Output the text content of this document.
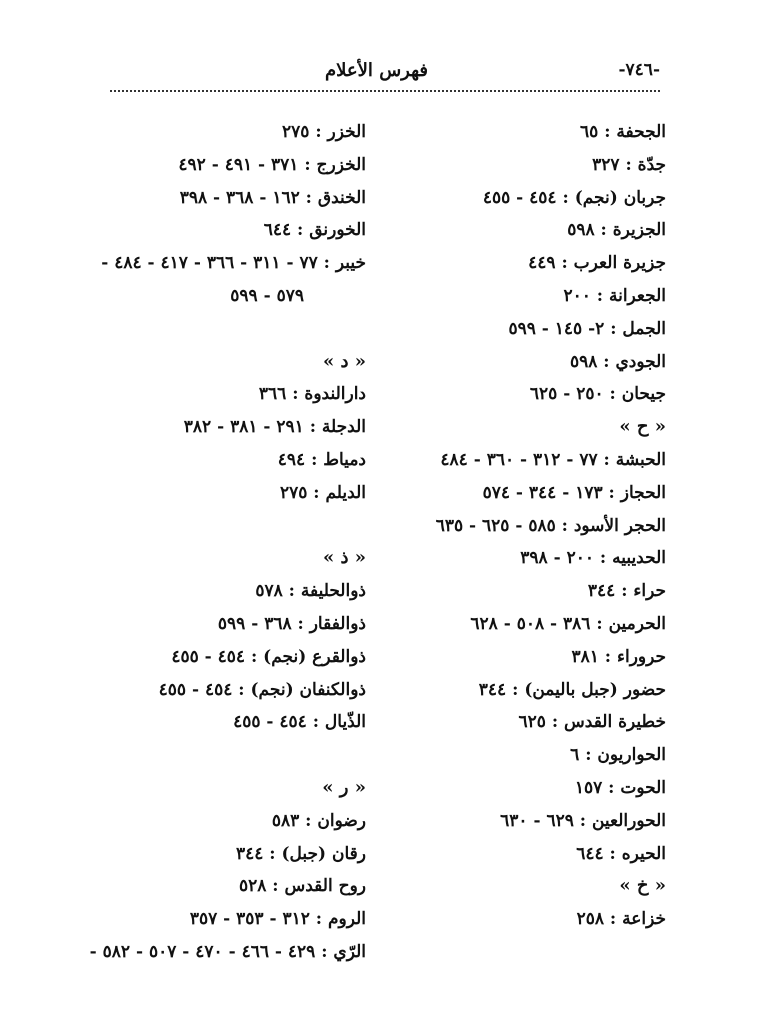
فهرس الأعلام	-٧٤٦-
الجحفة : ٦٥
جدّة : ٣٢٧
جربان (نجم) : ٤٥٤ - ٤٥٥
الجزيرة : ٥٩٨
جزيرة العرب : ٤٤٩
الجعرانة : ٢٠٠
الجمل : ٢- ١٤٥ - ٥٩٩
الجودي : ٥٩٨
جيحان : ٢٥٠ - ٦٢٥
« ح »
الحبشة : ٧٧ - ٣١٢ - ٣٦٠ - ٤٨٤
الحجاز : ١٧٣ - ٣٤٤ - ٥٧٤
الحجر الأسود : ٥٨٥ - ٦٢٥ - ٦٣٥
الحديبيه : ٢٠٠ - ٣٩٨
حراء : ٣٤٤
الحرمين : ٣٨٦ - ٥٠٨ - ٦٢٨
حروراء : ٣٨١
حضور (جبل باليمن) : ٣٤٤
خطيرة القدس : ٦٢٥
الحواريون : ٦
الحوت : ١٥٧
الحورالعين : ٦٢٩ - ٦٣٠
الحيره : ٦٤٤
« خ »
خزاعة : ٢٥٨
الخزر : ٢٧٥
الخزرج : ٣٧١ - ٤٩١ - ٤٩٢
الخندق : ١٦٢ - ٣٦٨ - ٣٩٨
الخورنق : ٦٤٤
خيبر : ٧٧ - ٣١١ - ٣٦٦ - ٤١٧ - ٤٨٤ -
٥٧٩ - ٥٩٩
« د »
دارالندوة : ٣٦٦
الدجلة : ٢٩١ - ٣٨١ - ٣٨٢
دمياط : ٤٩٤
الديلم : ٢٧٥
« ذ »
ذوالحليفة : ٥٧٨
ذوالفقار : ٣٦٨ - ٥٩٩
ذوالقرع (نجم) : ٤٥٤ - ٤٥٥
ذوالكنفان (نجم) : ٤٥٤ - ٤٥٥
الذّيال : ٤٥٤ - ٤٥٥
« ر »
رضوان : ٥٨٣
رقان (جبل) : ٣٤٤
روح القدس : ٥٢٨
الروم : ٣١٢ - ٣٥٣ - ٣٥٧
الرّي : ٤٢٩ - ٤٦٦ - ٤٧٠ - ٥٠٧ - ٥٨٢ -
